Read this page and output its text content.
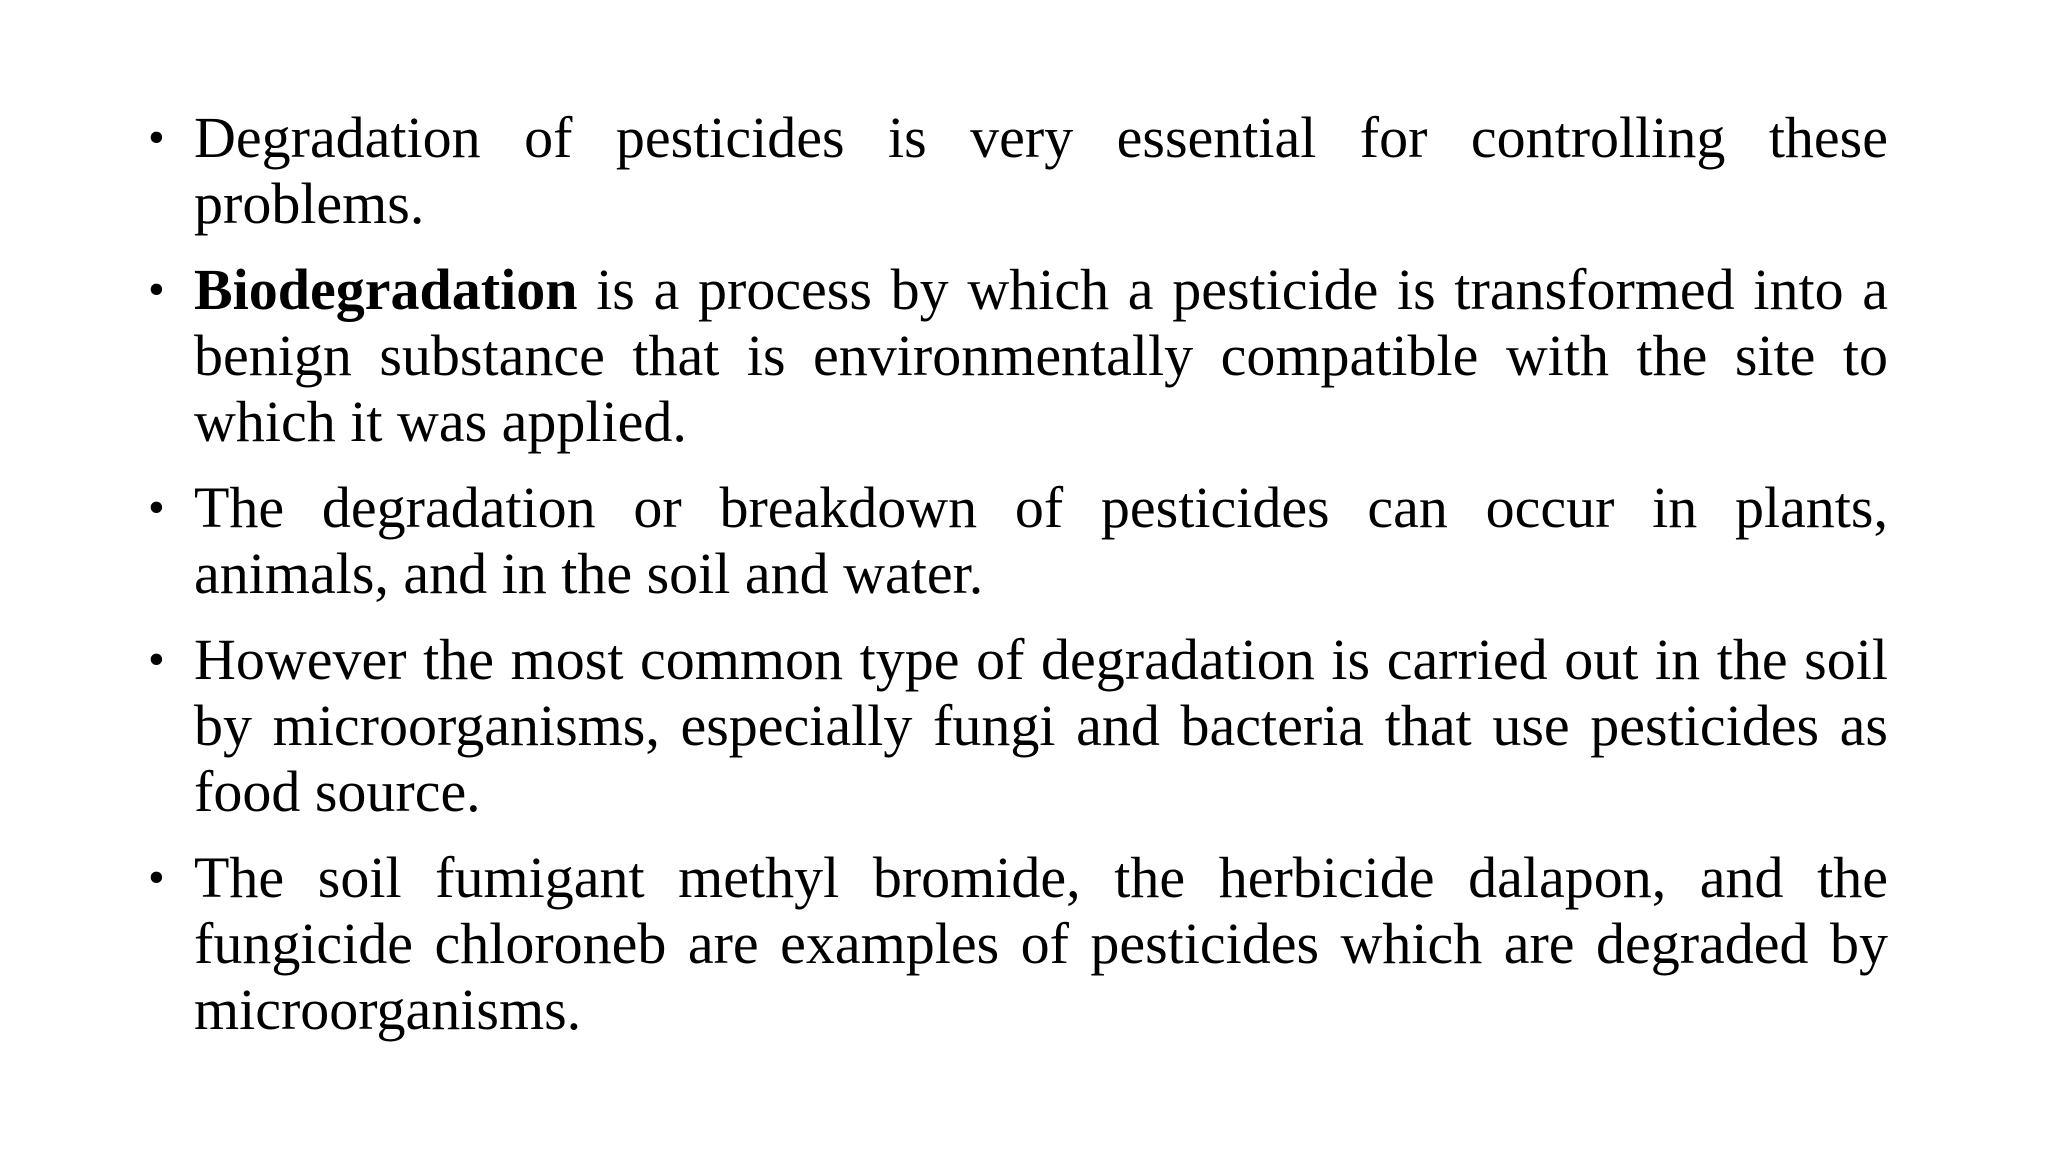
• Degradation of pesticides is very essential for controlling these problems.
• Biodegradation is a process by which a pesticide is transformed into a benign substance that is environmentally compatible with the site to which it was applied.
• The degradation or breakdown of pesticides can occur in plants, animals, and in the soil and water.
• However the most common type of degradation is carried out in the soil by microorganisms, especially fungi and bacteria that use pesticides as food source.
• The soil fumigant methyl bromide, the herbicide dalapon, and the fungicide chloroneb are examples of pesticides which are degraded by microorganisms.
